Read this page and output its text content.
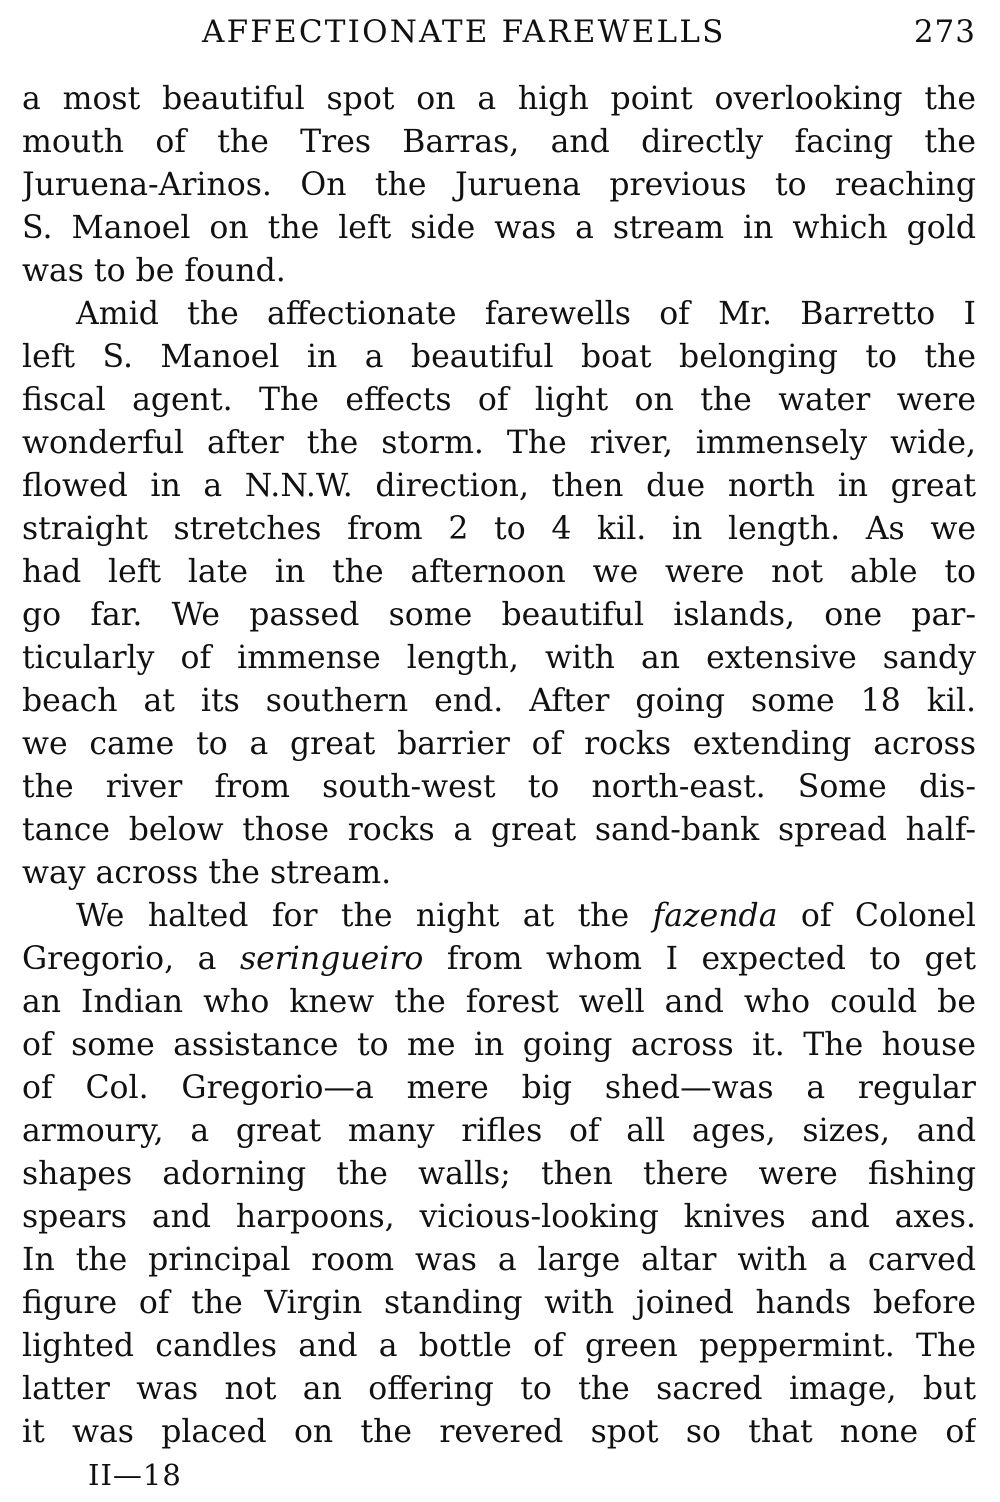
AFFECTIONATE FAREWELLS	273
a most beautiful spot on a high point overlooking the
mouth of the Tres Barras, and directly facing the
Juruena-Arinos. On the Juruena previous to reaching
S. Manoel on the left side was a stream in which gold
was to be found.
Amid the affectionate farewells of Mr. Barretto I
left S. Manoel in a beautiful boat belonging to the
fiscal agent. The effects of light on the water were
wonderful after the storm. The river, immensely wide,
flowed in a N.N.W. direction, then due north in great
straight stretches from 2 to 4 kil. in length. As we
had left late in the afternoon we were not able to
go far. We passed some beautiful islands, one par-
ticularly of immense length, with an extensive sandy
beach at its southern end. After going some 18 kil.
we came to a great barrier of rocks extending across
the river from south-west to north-east. Some dis-
tance below those rocks a great sand-bank spread half-
way across the stream.
We halted for the night at the fazenda of Colonel
Gregorio, a seringueiro from whom I expected to get
an Indian who knew the forest well and who could be
of some assistance to me in going across it. The house
of Col. Gregorio—a mere big shed—was a regular
armoury, a great many rifles of all ages, sizes, and
shapes adorning the walls; then there were fishing
spears and harpoons, vicious-looking knives and axes.
In the principal room was a large altar with a carved
figure of the Virgin standing with joined hands before
lighted candles and a bottle of green peppermint. The
latter was not an offering to the sacred image, but
it was placed on the revered spot so that none of
II—18
